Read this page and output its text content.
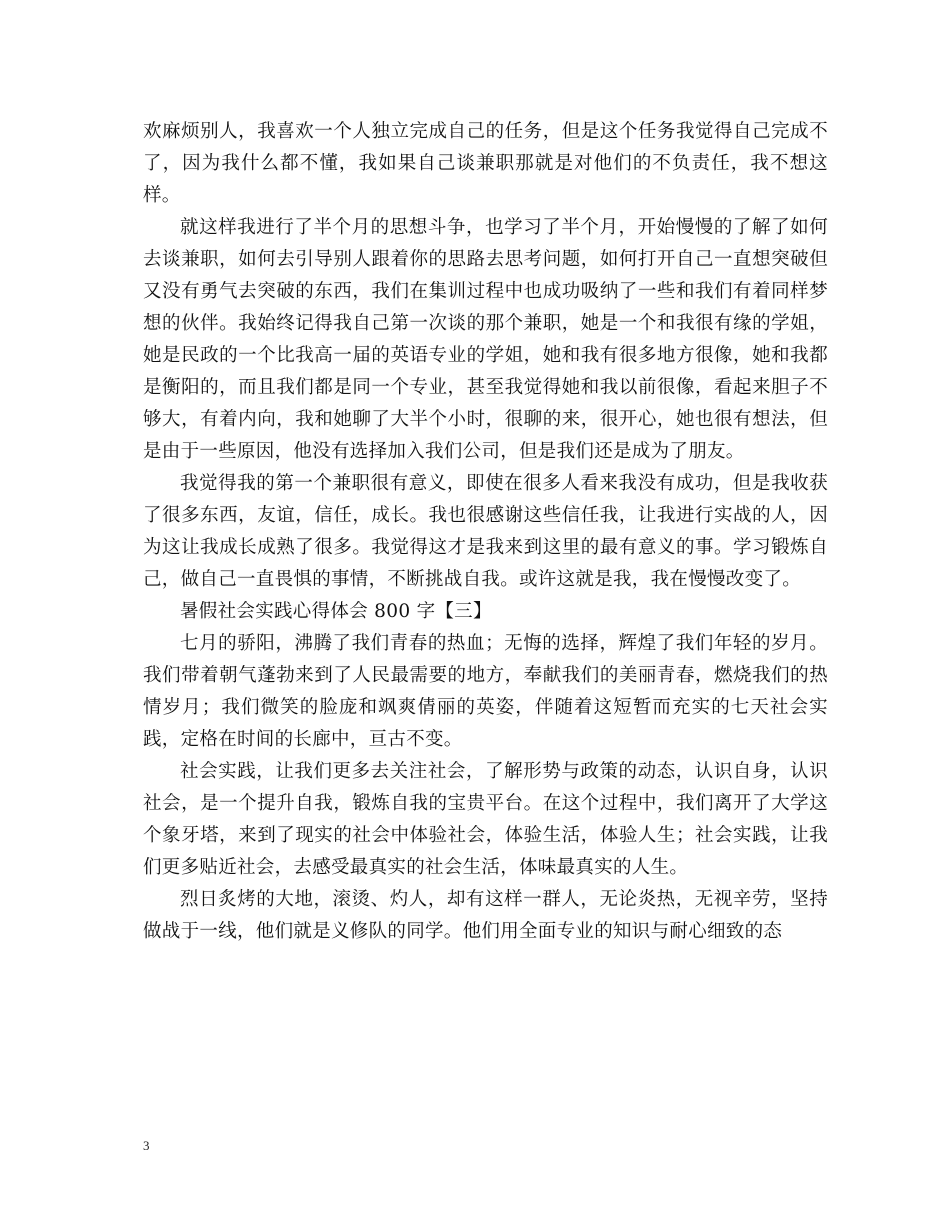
欢麻烦别人，我喜欢一个人独立完成自己的任务，但是这个任务我觉得自己完成不了，因为我什么都不懂，我如果自己谈兼职那就是对他们的不负责任，我不想这样。

就这样我进行了半个月的思想斗争，也学习了半个月，开始慢慢的了解了如何去谈兼职，如何去引导别人跟着你的思路去思考问题，如何打开自己一直想突破但又没有勇气去突破的东西，我们在集训过程中也成功吸纳了一些和我们有着同样梦想的伙伴。我始终记得我自己第一次谈的那个兼职，她是一个和我很有缘的学姐，她是民政的一个比我高一届的英语专业的学姐，她和我有很多地方很像，她和我都是衡阳的，而且我们都是同一个专业，甚至我觉得她和我以前很像，看起来胆子不够大，有着内向，我和她聊了大半个小时，很聊的来，很开心，她也很有想法，但是由于一些原因，他没有选择加入我们公司，但是我们还是成为了朋友。

我觉得我的第一个兼职很有意义，即使在很多人看来我没有成功，但是我收获了很多东西，友谊，信任，成长。我也很感谢这些信任我，让我进行实战的人，因为这让我成长成熟了很多。我觉得这才是我来到这里的最有意义的事。学习锻炼自己，做自己一直畏惧的事情，不断挑战自我。或许这就是我，我在慢慢改变了。

暑假社会实践心得体会 800 字【三】

七月的骄阳，沸腾了我们青春的热血；无悔的选择，辉煌了我们年轻的岁月。我们带着朝气蓬勃来到了人民最需要的地方，奉献我们的美丽青春，燃烧我们的热情岁月；我们微笑的脸庞和飒爽倩丽的英姿，伴随着这短暂而充实的七天社会实践，定格在时间的长廊中，亘古不变。

社会实践，让我们更多去关注社会，了解形势与政策的动态，认识自身，认识社会，是一个提升自我，锻炼自我的宝贵平台。在这个过程中，我们离开了大学这个象牙塔，来到了现实的社会中体验社会，体验生活，体验人生；社会实践，让我们更多贴近社会，去感受最真实的社会生活，体味最真实的人生。

烈日炙烤的大地，滚烫、灼人，却有这样一群人，无论炎热，无视辛劳，坚持做战于一线，他们就是义修队的同学。他们用全面专业的知识与耐心细致的态

3
